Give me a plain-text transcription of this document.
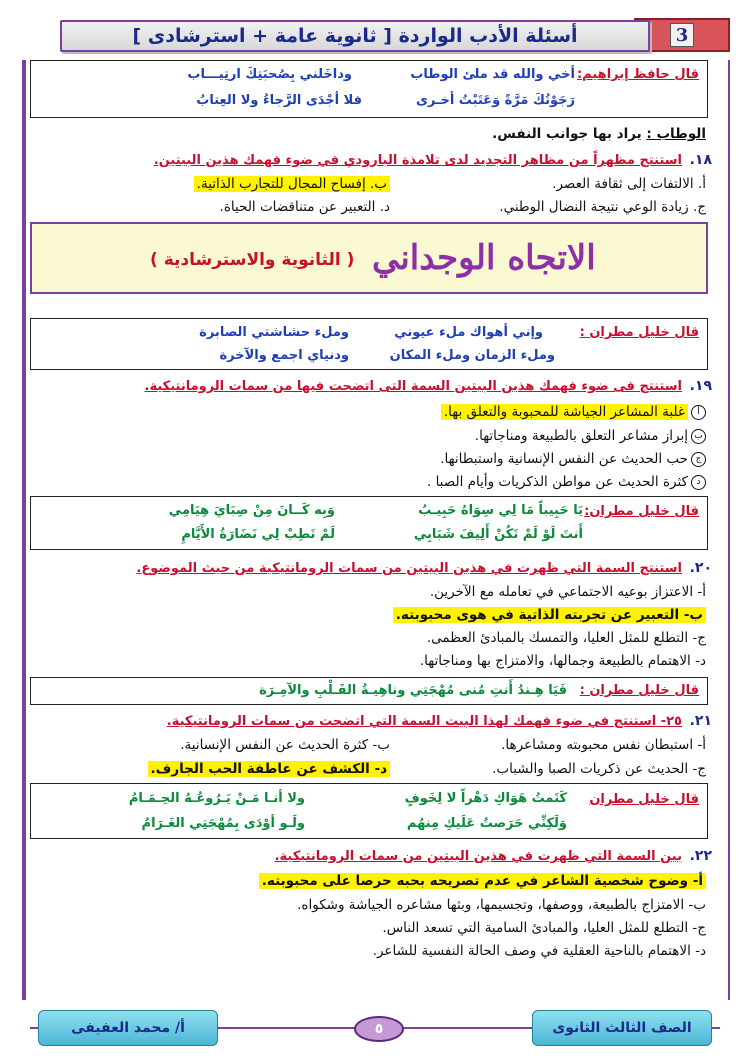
3
أسئلة الأدب الواردة [ ثانوية عامة + استرشادى ]
قال حافظ إبراهيم:
أخي والله قد ملئ الوطاب
وداخَلني بِصُحبَتِكَ ارتِيـــاب
رَجَوْتُكَ مَرَّةً وَعَتَبْتُ أخـرى
فلا أجْدَى الرَّجاءُ ولا العِتابُ
الوطاب : يراد بها جوانب النفس.
١٨.
استنتج مظهراً من مظاهر التجديد لدى تلامذة البارودي في ضوء فهمك هذين البيتين.
أ. الالتفات إلى ثقافة العصر.
ب. إفساح المجال للتجارب الذاتية.
ج. زيادة الوعي نتيجة النضال الوطني.
د. التعبير عن متناقضات الحياة.
الاتجاه الوجداني
( الثانوية والاسترشادية )
قال خليل مطران :
وإني أهواك ملء عيوني
وملء حشاشتي الصابرة
وملء الزمان وملء المكان
ودنياي اجمع والآخرة
١٩.
استنتج فى ضوء فهمك هذين البيتين السمة التى اتضحت فيها من سمات الرومانتيكية.
أغلبة المشاعر الجياشة للمحبوبة والتعلق بها.
بإبراز مشاعر التعلق بالطبيعة ومناجاتها.
جحب الحديث عن النفس الإنسانية واستبطانها.
دكثرة الحديث عن مواطن الذكريات وأيام الصبا .
قال خليل مطران:
يَا حَبِيباً مَا لِي سِوَاهُ حَبِيـبُ
وَبِه كَــانَ مِنْ صِبَايَ هِيَامِي
أَنتَ لَوْ لَمْ تَكُنْ أَلِيفَ شَبَابِي
لَمْ تَطِبْ لِي نَضَارَةُ الأَيَّامِ
٢٠.
استنتج السمة التي ظهرت في هذين البيتين من سمات الرومانتيكية من حيث الموضوع.
أ- الاعتزاز بوعيه الاجتماعي في تعامله مع الآخرين.
ب- التعبير عن تجربته الذاتية في هوى محبوبته.
ج- التطلع للمثل العليا، والتمسك بالمبادئ العظمى.
د- الاهتمام بالطبيعة وجمالها، والامتزاج بها ومناجاتها.
قال خليل مطران :
فَيَا هِـندُ أَنتِ مُنى مُهْجَتِي وناهِيـةُ القَـلْبِ والآمِـرَة
٢١.
٢٥- استنتج في ضوء فهمك لهذا البيت السمة التي اتضحت من سمات الرومانتيكية.
أ- استبطان نفس محبوبته ومشاعرها.
ب- كثرة الحديث عن النفس الإنسانية.
ج- الحديث عن ذكريات الصبا والشباب.
د- الكشف عن عاطفة الحب الجارف.
قال خليل مطران
كَتَمتُ هَوَاكِ دَهْراً لا لِخَوفٍ
ولا أنـا مَـنْ يَـرُوعُـهُ الحِـمَـامُ
وَلَكِنِّي حَرَصتُ عَلَيكِ مِنهُم
ولَـو أوْدَى بِمُهْجَتِي الغَـرَامُ
٢٢.
بين السمة التي ظهرت في هذين البيتين من سمات الرومانتيكية.
أ- وضوح شخصية الشاعر في عدم تصريحه بحبه حرصا على محبوبته.
ب- الامتزاج بالطبيعة، ووصفها، وتجسيمها، وبثها مشاعره الجياشة وشكواه.
ج- التطلع للمثل العليا، والمبادئ السامية التي تسعد الناس.
د- الاهتمام بالناحية العقلية في وصف الحالة النفسية للشاعر.
الصف الثالث الثانوى
٥
أ/ محمد العفيفى
